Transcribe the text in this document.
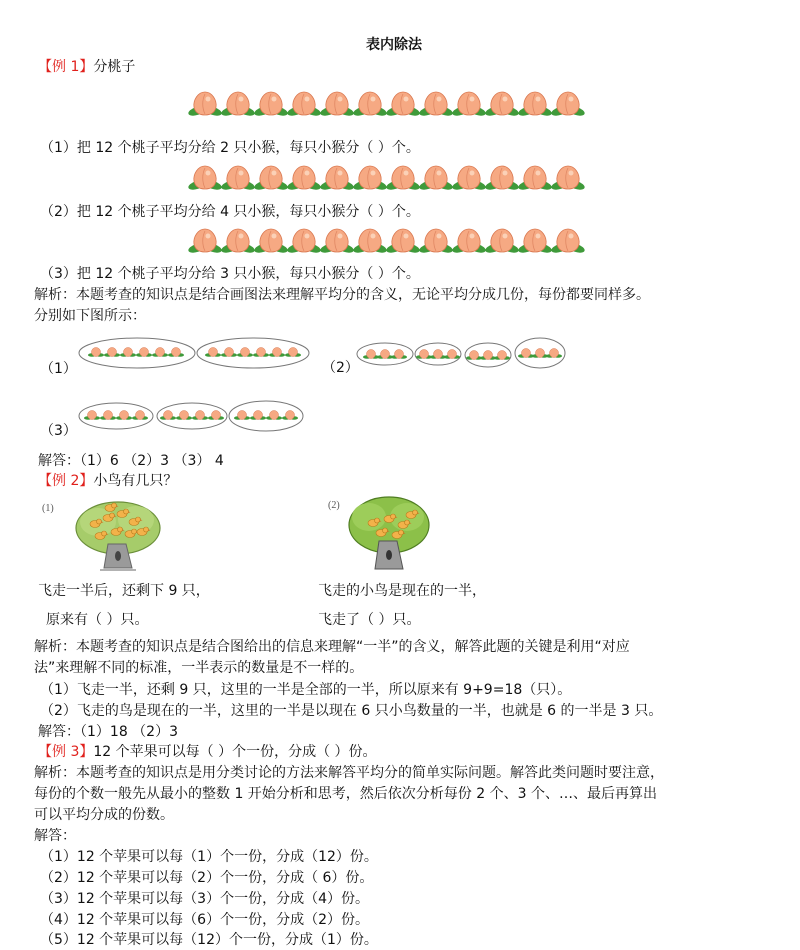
表内除法
【例 1】分桃子
（1）把 12 个桃子平均分给 2 只小猴，每只小猴分（ ）个。
（2）把 12 个桃子平均分给 4 只小猴，每只小猴分（ ）个。
（3）把 12 个桃子平均分给 3 只小猴，每只小猴分（ ）个。
解析：本题考查的知识点是结合画图法来理解平均分的含义，无论平均分成几份，每份都要同样多。
分别如下图所示：
（1）	（2）
（3）
解答：（1）6 （2）3 （3） 4
【例 2】小鸟有几只？
(1)	(2)
飞走一半后，还剩下 9 只，
原来有（ ）只。
飞走的小鸟是现在的一半，
飞走了（ ）只。
解析：本题考查的知识点是结合图给出的信息来理解“一半”的含义，解答此题的关键是利用“对应
法”来理解不同的标准，一半表示的数量是不一样的。
（1）飞走一半，还剩 9 只，这里的一半是全部的一半，所以原来有 9+9=18（只）。
（2）飞走的鸟是现在的一半，这里的一半是以现在 6 只小鸟数量的一半，也就是 6 的一半是 3 只。
解答：（1）18 （2）3
【例 3】12 个苹果可以每（ ）个一份，分成（ ）份。
解析：本题考查的知识点是用分类讨论的方法来解答平均分的简单实际问题。解答此类问题时要注意，
每份的个数一般先从最小的整数 1 开始分析和思考，然后依次分析每份 2 个、3 个、…、最后再算出
可以平均分成的份数。
解答：
（1）12 个苹果可以每（1）个一份，分成（12）份。
（2）12 个苹果可以每（2）个一份，分成（ 6）份。
（3）12 个苹果可以每（3）个一份，分成（4）份。
（4）12 个苹果可以每（6）个一份，分成（2）份。
（5）12 个苹果可以每（12）个一份，分成（1）份。
